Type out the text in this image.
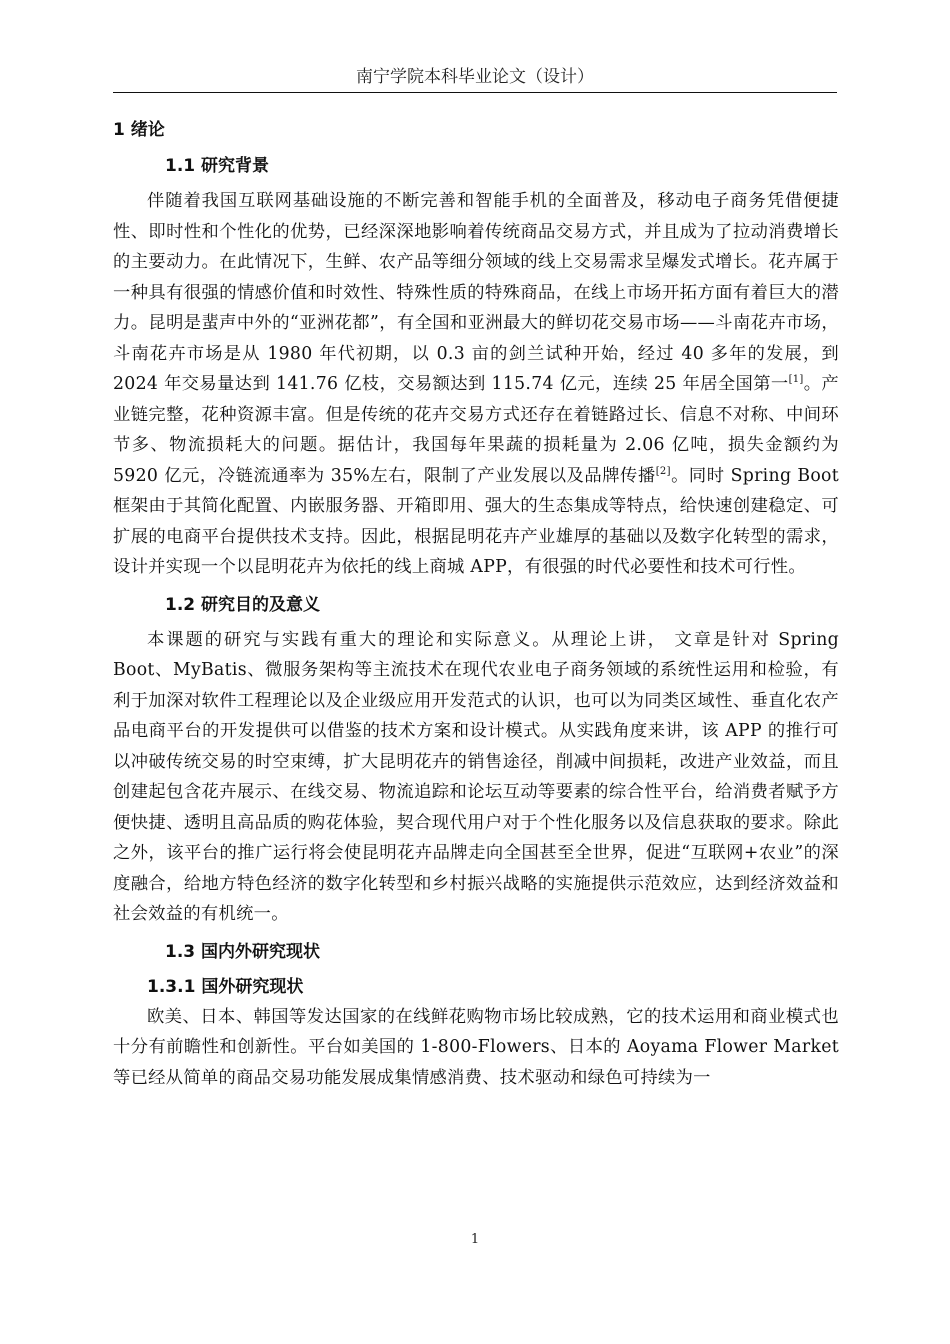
南宁学院本科毕业论文（设计）
1 绪论
1.1 研究背景

伴随着我国互联网基础设施的不断完善和智能手机的全面普及，移动电子商务凭借便捷性、即时性和个性化的优势，已经深深地影响着传统商品交易方式，并且成为了拉动消费增长的主要动力。在此情况下，生鲜、农产品等细分领域的线上交易需求呈爆发式增长。花卉属于一种具有很强的情感价值和时效性、特殊性质的特殊商品，在线上市场开拓方面有着巨大的潜力。昆明是蜚声中外的“亚洲花都”，有全国和亚洲最大的鲜切花交易市场——斗南花卉市场，斗南花卉市场是从 1980 年代初期，以 0.3 亩的剑兰试种开始，经过 40 多年的发展，到 2024 年交易量达到 141.76 亿枝，交易额达到 115.74 亿元，连续 25 年居全国第一[1]。产业链完整，花种资源丰富。但是传统的花卉交易方式还存在着链路过长、信息不对称、中间环节多、物流损耗大的问题。据估计，我国每年果蔬的损耗量为 2.06 亿吨，损失金额约为 5920 亿元，冷链流通率为 35%左右，限制了产业发展以及品牌传播[2]。同时 Spring Boot 框架由于其简化配置、内嵌服务器、开箱即用、强大的生态集成等特点，给快速创建稳定、可扩展的电商平台提供技术支持。因此，根据昆明花卉产业雄厚的基础以及数字化转型的需求，设计并实现一个以昆明花卉为依托的线上商城 APP，有很强的时代必要性和技术可行性。

1.2 研究目的及意义

本课题的研究与实践有重大的理论和实际意义。从理论上讲， 文章是针对 Spring Boot、MyBatis、微服务架构等主流技术在现代农业电子商务领域的系统性运用和检验，有利于加深对软件工程理论以及企业级应用开发范式的认识，也可以为同类区域性、垂直化农产品电商平台的开发提供可以借鉴的技术方案和设计模式。从实践角度来讲，该 APP 的推行可以冲破传统交易的时空束缚，扩大昆明花卉的销售途径，削减中间损耗，改进产业效益，而且创建起包含花卉展示、在线交易、物流追踪和论坛互动等要素的综合性平台，给消费者赋予方便快捷、透明且高品质的购花体验，契合现代用户对于个性化服务以及信息获取的要求。除此之外，该平台的推广运行将会使昆明花卉品牌走向全国甚至全世界，促进“互联网+农业”的深度融合，给地方特色经济的数字化转型和乡村振兴战略的实施提供示范效应，达到经济效益和社会效益的有机统一。

1.3 国内外研究现状
1.3.1 国外研究现状

欧美、日本、韩国等发达国家的在线鲜花购物市场比较成熟，它的技术运用和商业模式也十分有前瞻性和创新性。平台如美国的 1-800-Flowers、日本的 Aoyama Flower Market 等已经从简单的商品交易功能发展成集情感消费、技术驱动和绿色可持续为一

1
